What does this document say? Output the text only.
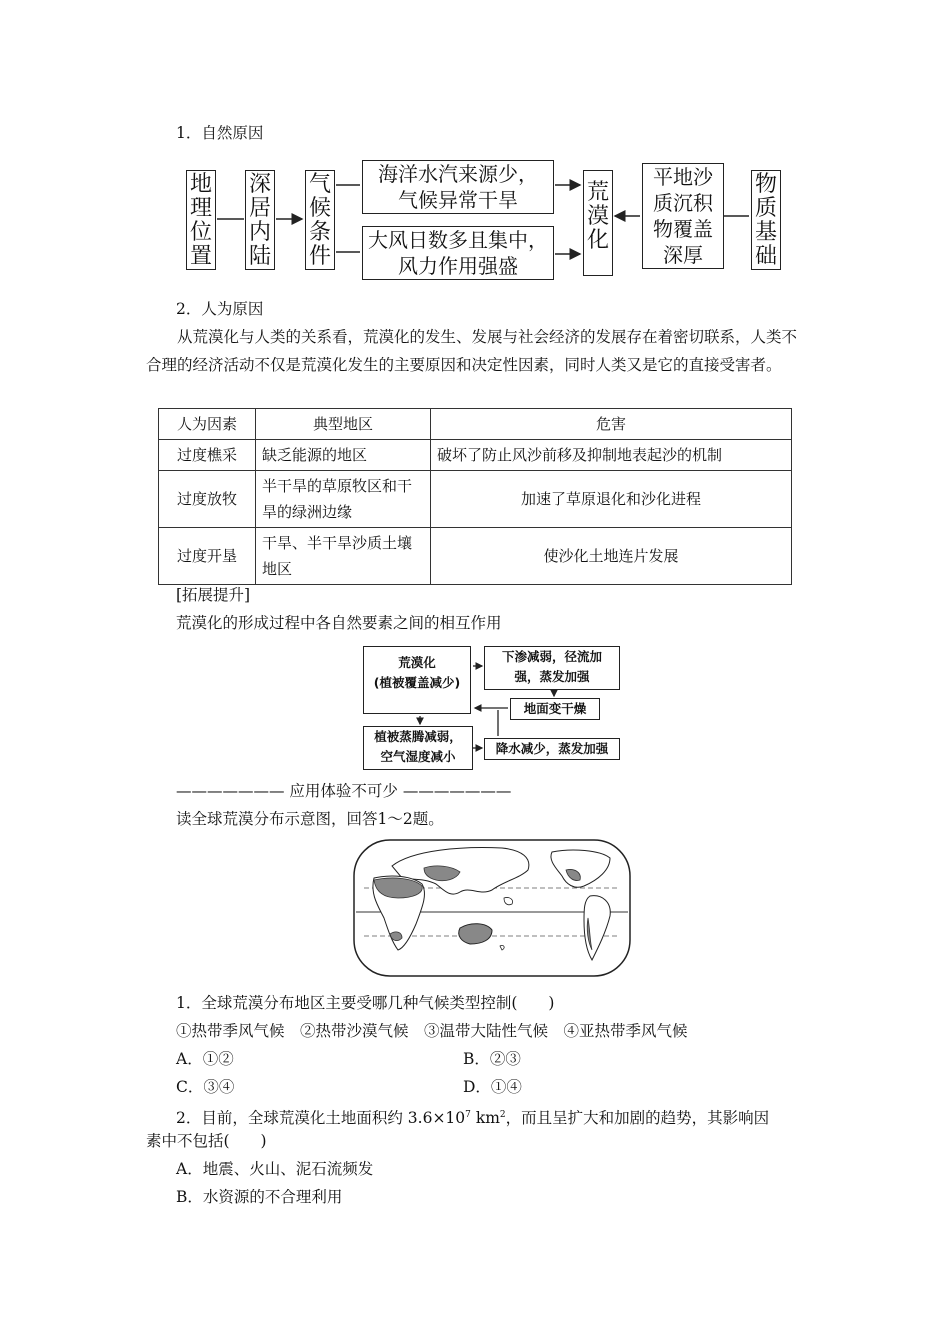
1．自然原因
地理位置
深居内陆
气候条件
海洋水汽来源少，
气候异常干旱
大风日数多且集中，
风力作用强盛
荒漠化
平地沙
质沉积
物覆盖
深厚
物质基础
2．人为原因
从荒漠化与人类的关系看，荒漠化的发生、发展与社会经济的发展存在着密切联系，人类不合理的经济活动不仅是荒漠化发生的主要原因和决定性因素，同时人类又是它的直接受害者。
人为因素	典型地区	危害
过度樵采	缺乏能源的地区	破坏了防止风沙前移及抑制地表起沙的机制
过度放牧	半干旱的草原牧区和干旱的绿洲边缘	加速了草原退化和沙化进程
过度开垦	干旱、半干旱沙质土壤地区	使沙化土地连片发展
[拓展提升]
荒漠化的形成过程中各自然要素之间的相互作用
荒漠化
(植被覆盖减少)
下渗减弱，径流加
强，蒸发加强
地面变干燥
植被蒸腾减弱，
空气湿度减小
降水减少，蒸发加强
——————— 应用体验不可少 ———————
读全球荒漠分布示意图，回答1～2题。
1．全球荒漠分布地区主要受哪几种气候类型控制(　　)
①热带季风气候　②热带沙漠气候　③温带大陆性气候　④亚热带季风气候
A．①②	B．②③
C．③④	D．①④
2．目前，全球荒漠化土地面积约 $3.6\times 10^7$ $km^2$，而且呈扩大和加剧的趋势，其影响因
素中不包括(　　)
A．地震、火山、泥石流频发
B．水资源的不合理利用
